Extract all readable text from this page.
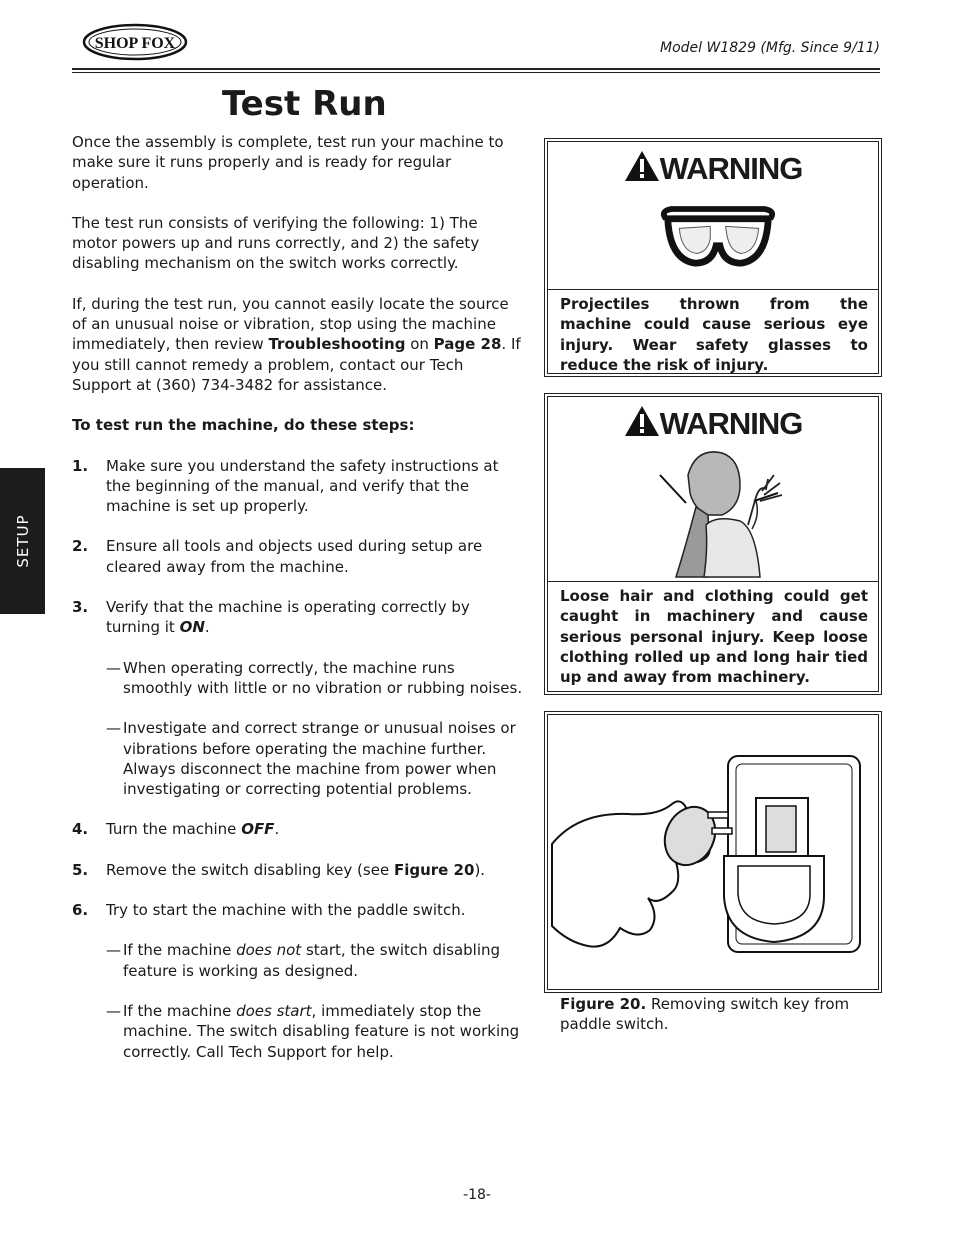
SHOP FOX	Model W1829 (Mfg. Since 9/11)
Test Run
SETUP

Once the assembly is complete, test run your machine to make sure it runs properly and is ready for regular operation.

The test run consists of verifying the following: 1) The motor powers up and runs correctly, and 2) the safety disabling mechanism on the switch works correctly.

If, during the test run, you cannot easily locate the source of an unusual noise or vibration, stop using the machine immediately, then review Troubleshooting on Page 28. If you still cannot remedy a problem, contact our Tech Support at (360) 734-3482 for assistance.

To test run the machine, do these steps:

1. Make sure you understand the safety instructions at the beginning of the manual, and verify that the machine is set up properly.
2. Ensure all tools and objects used during setup are cleared away from the machine.
3. Verify that the machine is operating correctly by turning it ON.
— When operating correctly, the machine runs smoothly with little or no vibration or rubbing noises.
— Investigate and correct strange or unusual noises or vibrations before operating the machine further. Always disconnect the machine from power when investigating or correcting potential problems.
4. Turn the machine OFF.
5. Remove the switch disabling key (see Figure 20).
6. Try to start the machine with the paddle switch.
— If the machine does not start, the switch disabling feature is working as designed.
— If the machine does start, immediately stop the machine. The switch disabling feature is not working correctly. Call Tech Support for help.
WARNING
Projectiles thrown from the machine could cause serious eye injury. Wear safety glasses to reduce the risk of injury.
WARNING
Loose hair and clothing could get caught in machinery and cause serious personal injury. Keep loose clothing rolled up and long hair tied up and away from machinery.
Figure 20. Removing switch key from paddle switch.
-18-
